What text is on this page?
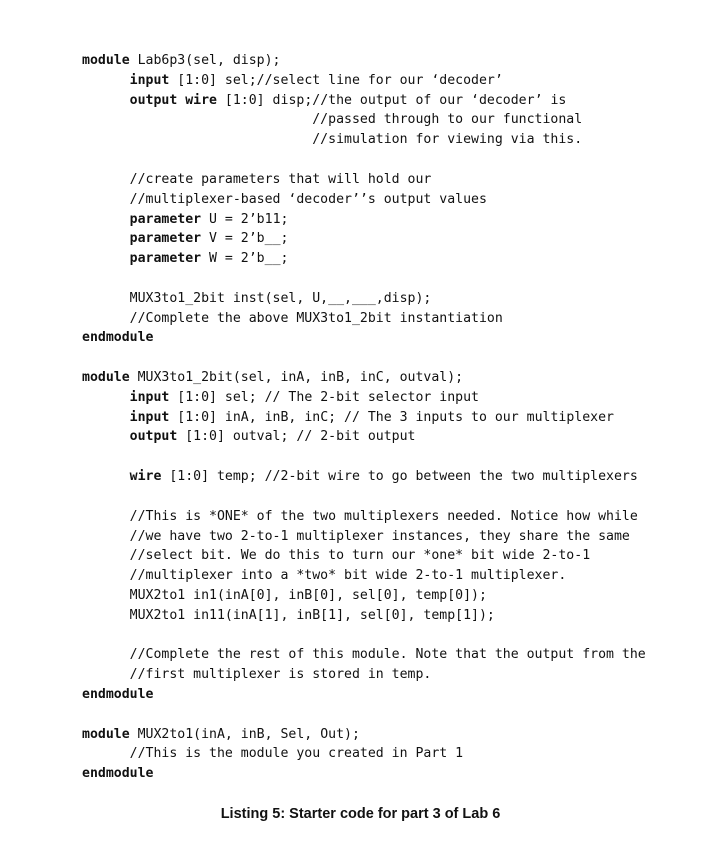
module Lab6p3(sel, disp);
input [1:0] sel;//select line for our ‘decoder’
output wire [1:0] disp;//the output of our ‘decoder’ is
//passed through to our functional
//simulation for viewing via this.
//create parameters that will hold our
//multiplexer-based ‘decoder’’s output values
parameter U = 2’b11;
parameter V = 2’b__;
parameter W = 2’b__;
MUX3to1_2bit inst(sel, U,__,___,disp);
//Complete the above MUX3to1_2bit instantiation
endmodule
module MUX3to1_2bit(sel, inA, inB, inC, outval);
input [1:0] sel; // The 2-bit selector input
input [1:0] inA, inB, inC; // The 3 inputs to our multiplexer
output [1:0] outval; // 2-bit output
wire [1:0] temp; //2-bit wire to go between the two multiplexers
//This is *ONE* of the two multiplexers needed. Notice how while
//we have two 2-to-1 multiplexer instances, they share the same
//select bit. We do this to turn our *one* bit wide 2-to-1
//multiplexer into a *two* bit wide 2-to-1 multiplexer.
MUX2to1 in1(inA[0], inB[0], sel[0], temp[0]);
MUX2to1 in11(inA[1], inB[1], sel[0], temp[1]);
//Complete the rest of this module. Note that the output from the
//first multiplexer is stored in temp.
endmodule
module MUX2to1(inA, inB, Sel, Out);
//This is the module you created in Part 1
endmodule
Listing 5: Starter code for part 3 of Lab 6
